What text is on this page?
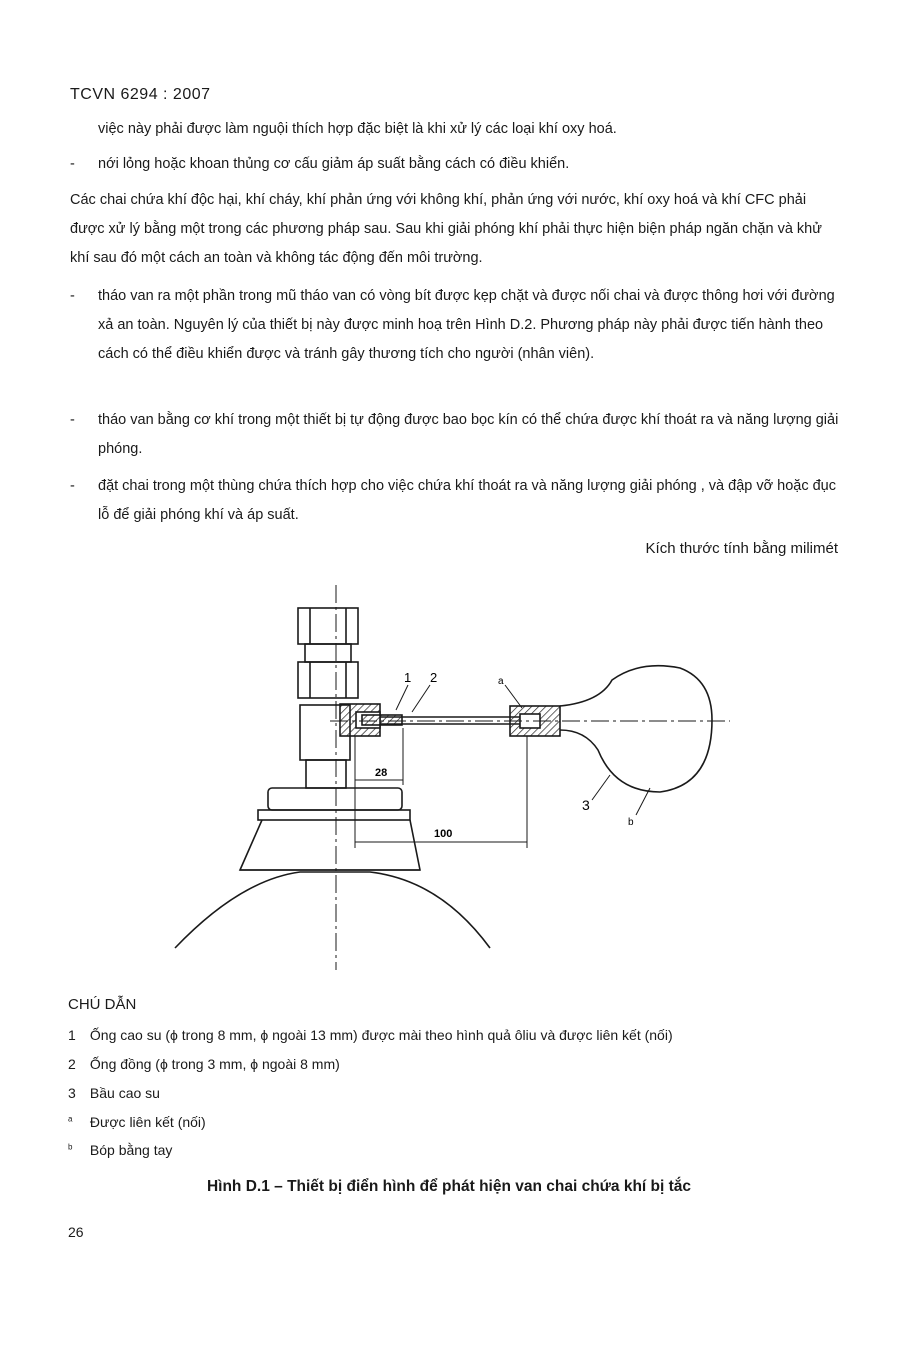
TCVN 6294 : 2007
việc này phải được làm nguội thích hợp đặc biệt là khi xử lý các loại khí oxy hoá.
-	nới lỏng hoặc khoan thủng cơ cấu giảm áp suất bằng cách có điều khiển.
Các chai chứa khí độc hại, khí cháy, khí phản ứng với không khí, phản ứng với nước, khí oxy hoá và khí CFC phải được xử lý bằng một trong các phương pháp sau. Sau khi giải phóng khí phải thực hiện biện pháp ngăn chặn và khử khí sau đó một cách an toàn và không tác động đến môi trường.
-	tháo van ra một phần trong mũ tháo van có vòng bít được kẹp chặt và được nối chai và được thông hơi với đường xả an toàn. Nguyên lý của thiết bị này được minh hoạ trên Hình D.2. Phương pháp này phải được tiến hành theo cách có thể điều khiển được và tránh gây thương tích cho người (nhân viên).
-	tháo van bằng cơ khí trong một thiết bị tự động được bao bọc kín có thể chứa được khí thoát ra và năng lượng giải phóng.
-	đặt chai trong một thùng chứa thích hợp cho việc chứa khí thoát ra và năng lượng giải phóng , và đập vỡ hoặc đục lỗ để giải phóng khí và áp suất.
Kích thước tính bằng milimét
1 2	a
3
b
28
100
CHÚ DẪN
1 Ống cao su (ϕ trong 8 mm, ϕ ngoài 13 mm) được mài theo hình quả ôliu và được liên kết (nối)
2 Ống đồng (ϕ trong 3 mm, ϕ ngoài 8 mm)
3 Bầu cao su
$^a$ Được liên kết (nối)
$^b$ Bóp bằng tay
Hình D.1 – Thiết bị điển hình để phát hiện van chai chứa khí bị tắc
26
